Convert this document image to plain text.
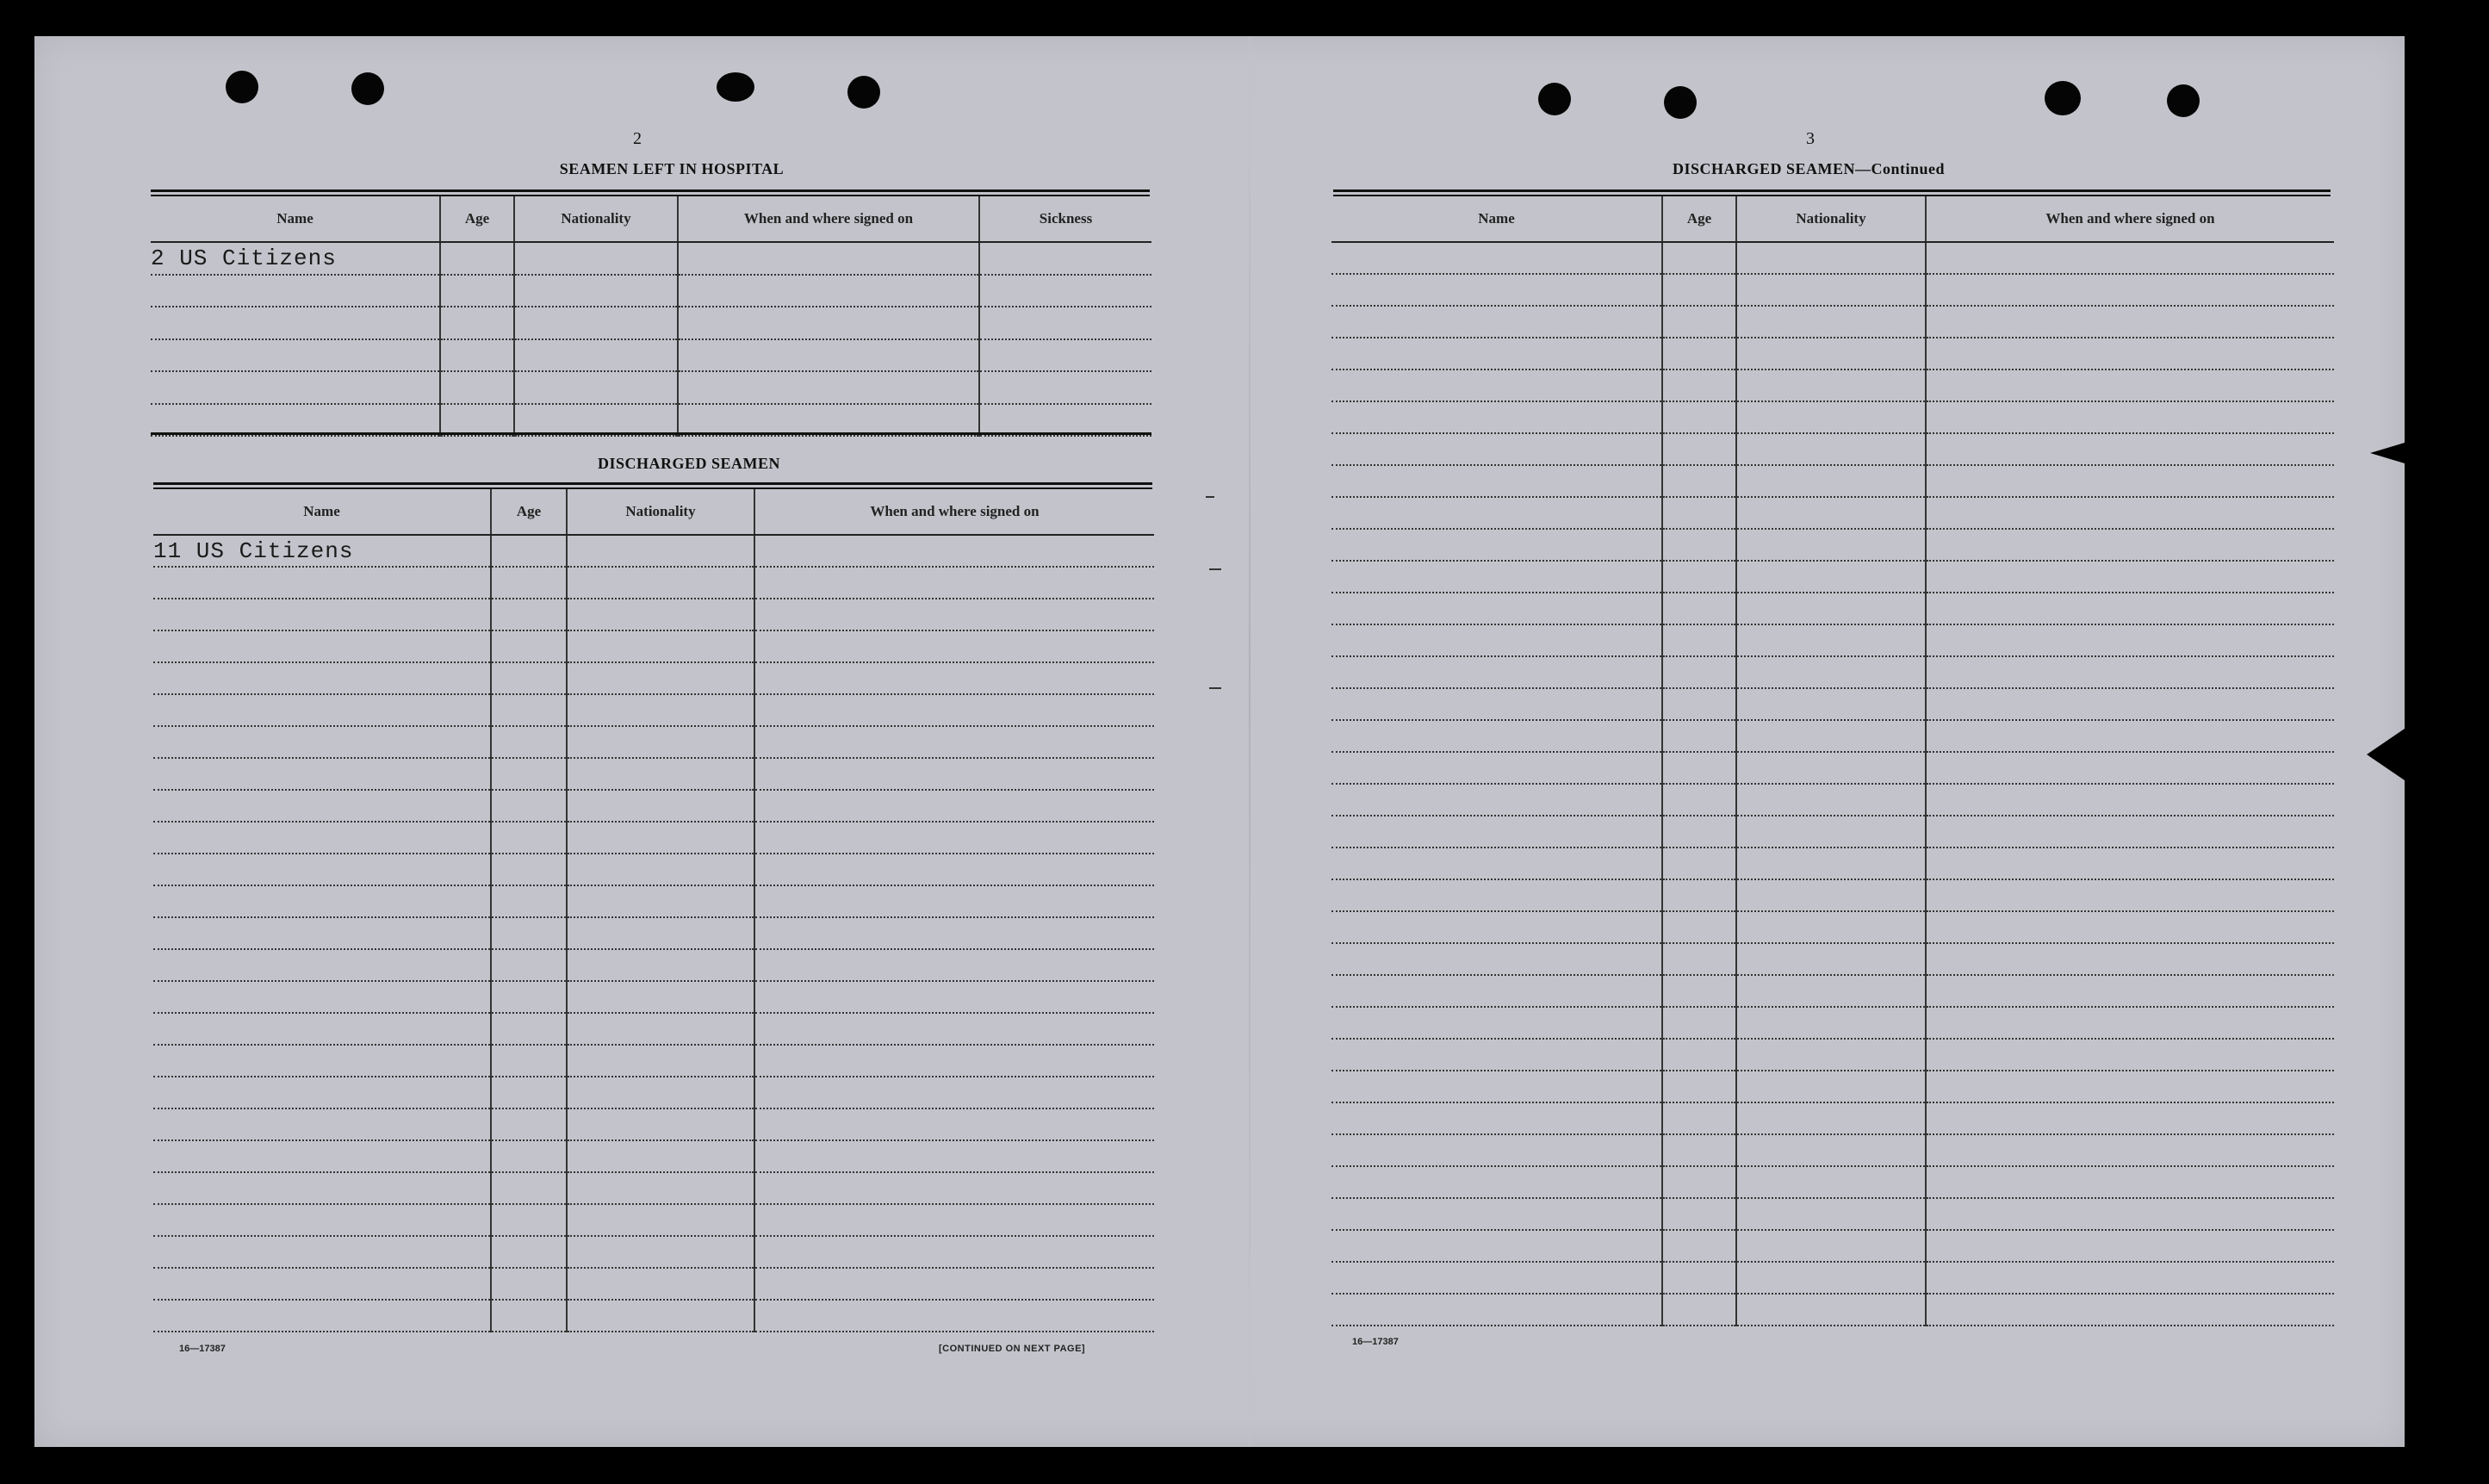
2
SEAMEN LEFT IN HOSPITAL
Name	Age	Nationality	When and where signed on	Sickness
2 US Citizens				

DISCHARGED SEAMEN
Name	Age	Nationality	When and where signed on
11 US Citizens			

16—17387	[CONTINUED ON NEXT PAGE]
3
DISCHARGED SEAMEN—Continued
Name	Age	Nationality	When and where signed on

16—17387
